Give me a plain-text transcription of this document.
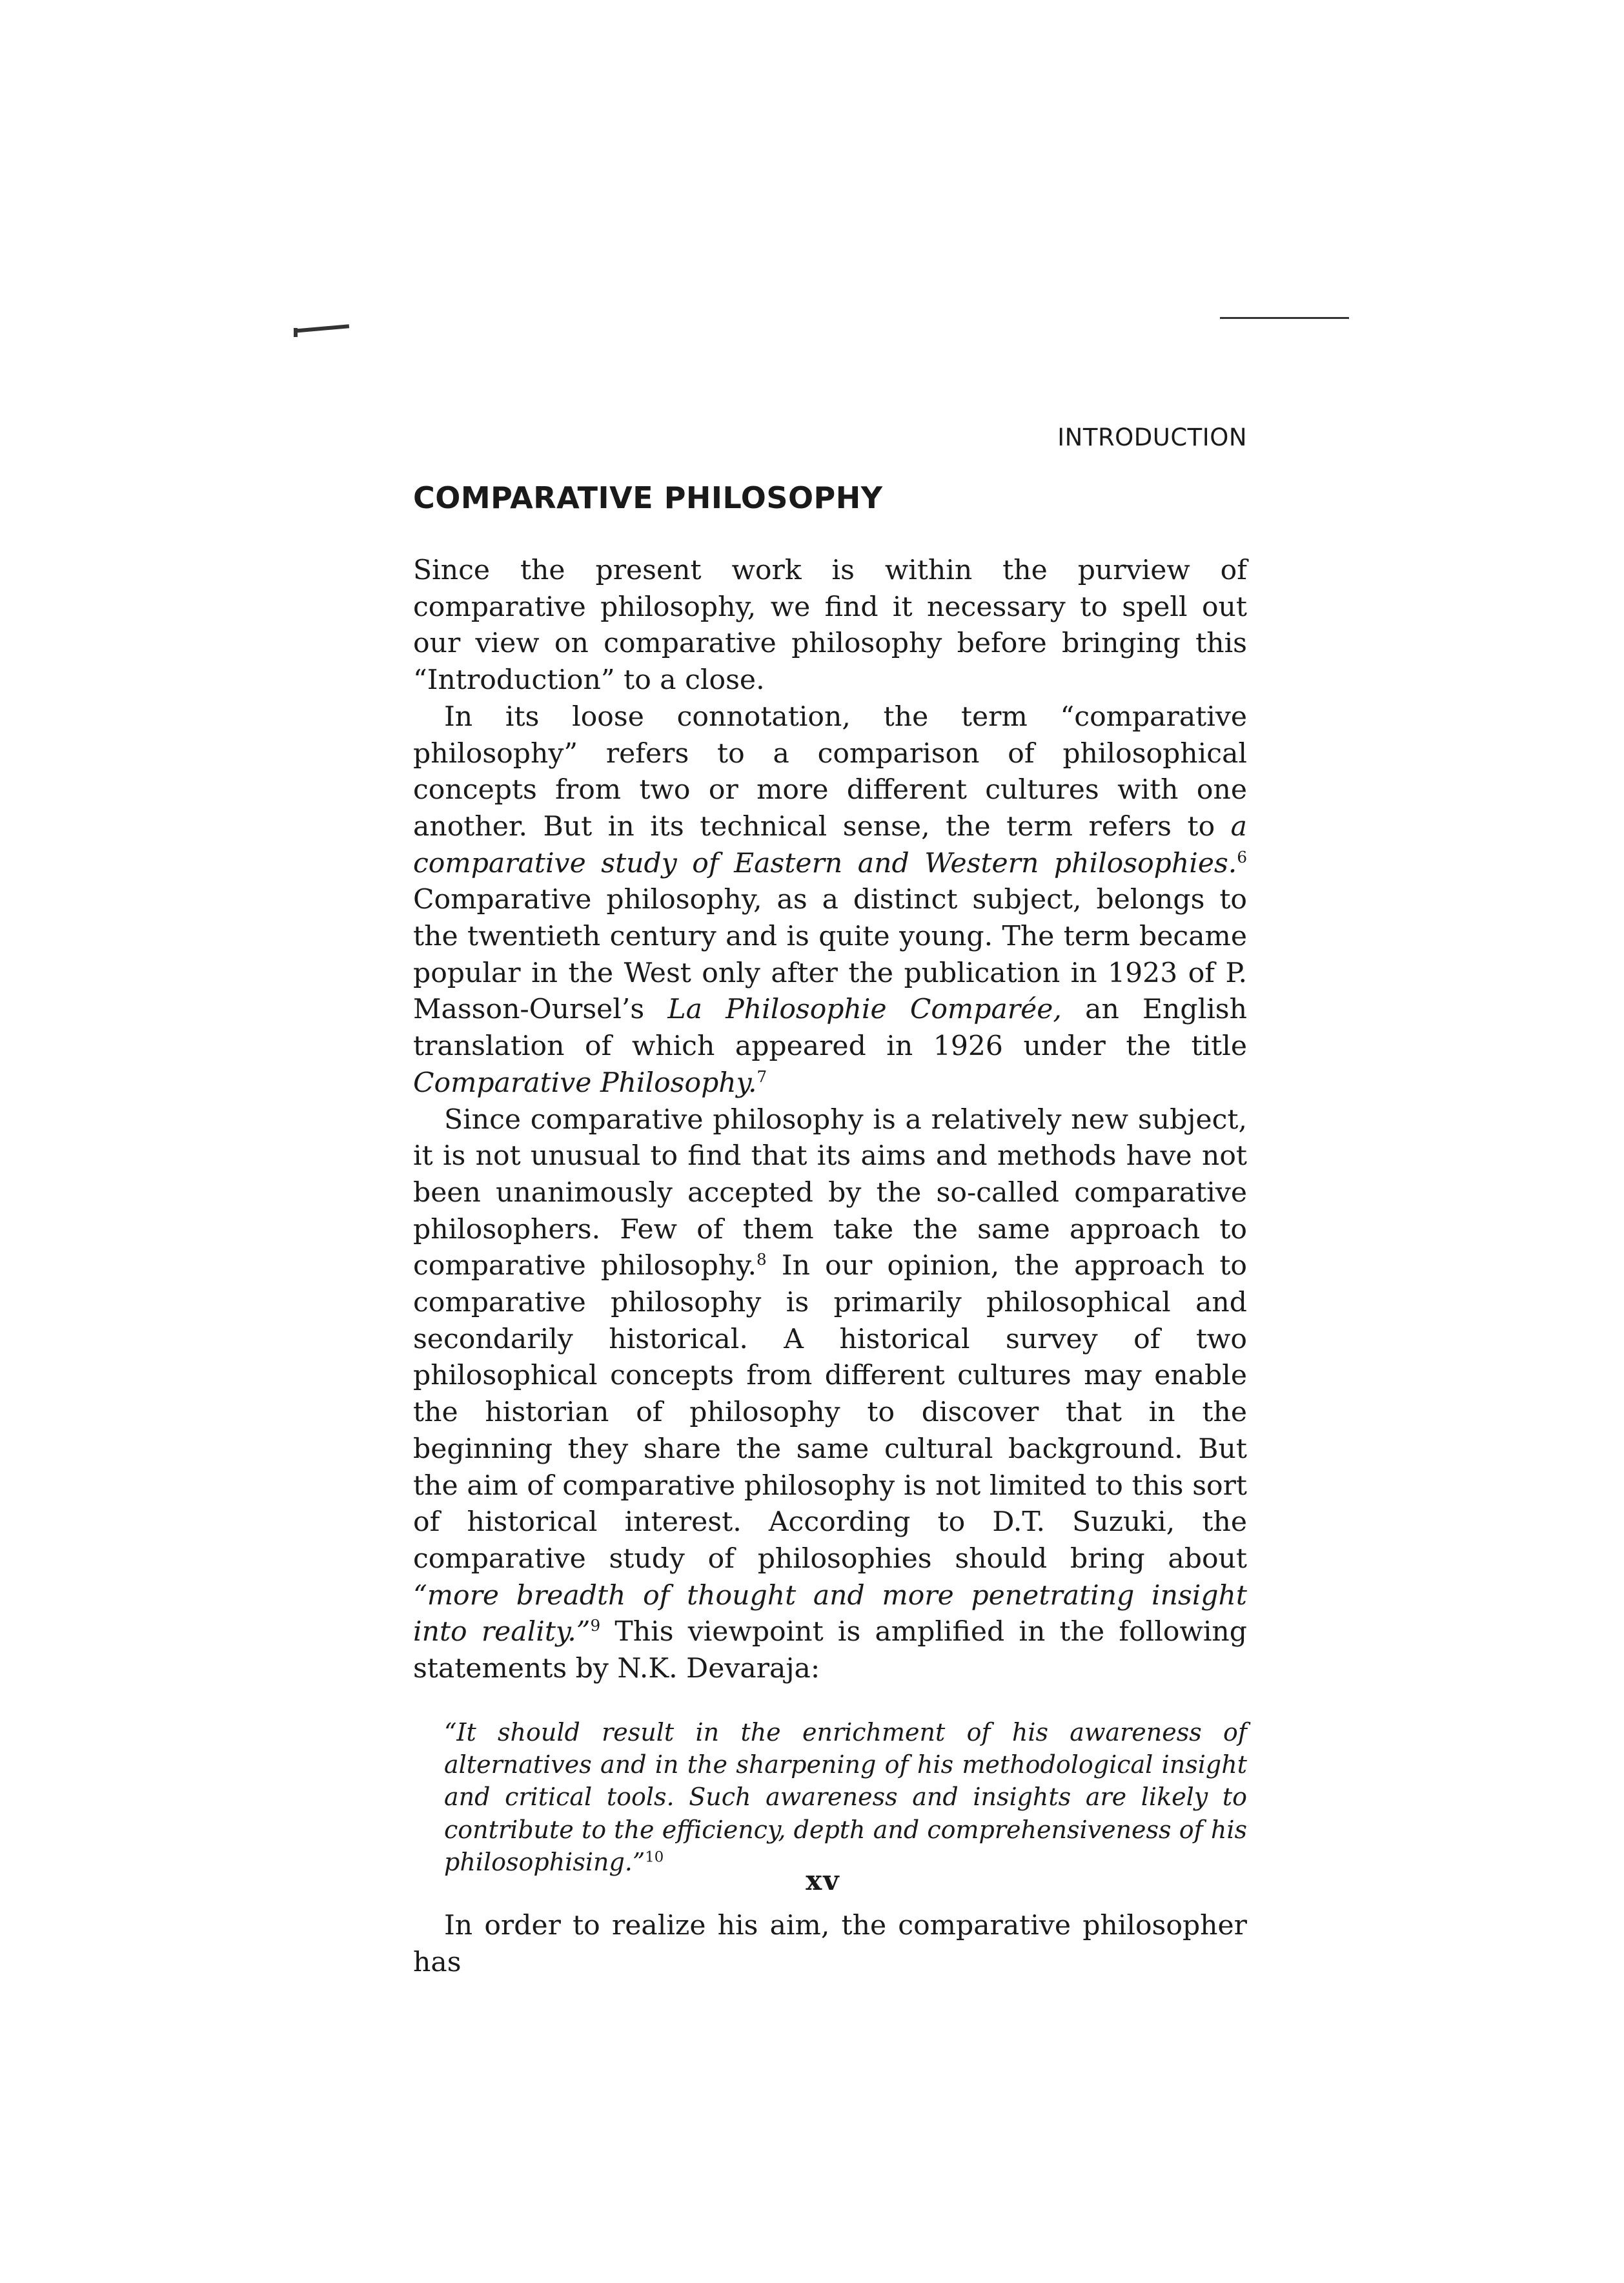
INTRODUCTION
COMPARATIVE PHILOSOPHY

Since the present work is within the purview of comparative philosophy, we find it necessary to spell out our view on comparative philosophy before bringing this “Introduction” to a close.

In its loose connotation, the term “comparative philosophy” refers to a comparison of philosophical concepts from two or more different cultures with one another. But in its technical sense, the term refers to a comparative study of Eastern and Western philosophies.$^6$ Comparative philosophy, as a distinct subject, belongs to the twentieth century and is quite young. The term became popular in the West only after the publication in 1923 of P. Masson-Oursel’s La Philosophie Comparée, an English translation of which appeared in 1926 under the title Comparative Philosophy.$^7$

Since comparative philosophy is a relatively new subject, it is not unusual to find that its aims and methods have not been unanimously accepted by the so-called comparative philosophers. Few of them take the same approach to comparative philosophy.$^8$ In our opinion, the approach to comparative philosophy is primarily philosophical and secondarily historical. A historical survey of two philosophical concepts from different cultures may enable the historian of philosophy to discover that in the beginning they share the same cultural background. But the aim of comparative philosophy is not limited to this sort of historical interest. According to D.T. Suzuki, the comparative study of philosophies should bring about “more breadth of thought and more penetrating insight into reality.”$^9$ This viewpoint is amplified in the following statements by N.K. Devaraja:

“It should result in the enrichment of his awareness of alternatives and in the sharpening of his methodological insight and critical tools. Such awareness and insights are likely to contribute to the efficiency, depth and comprehensiveness of his philosophising.”$^{10}$

In order to realize his aim, the comparative philosopher has

xv
